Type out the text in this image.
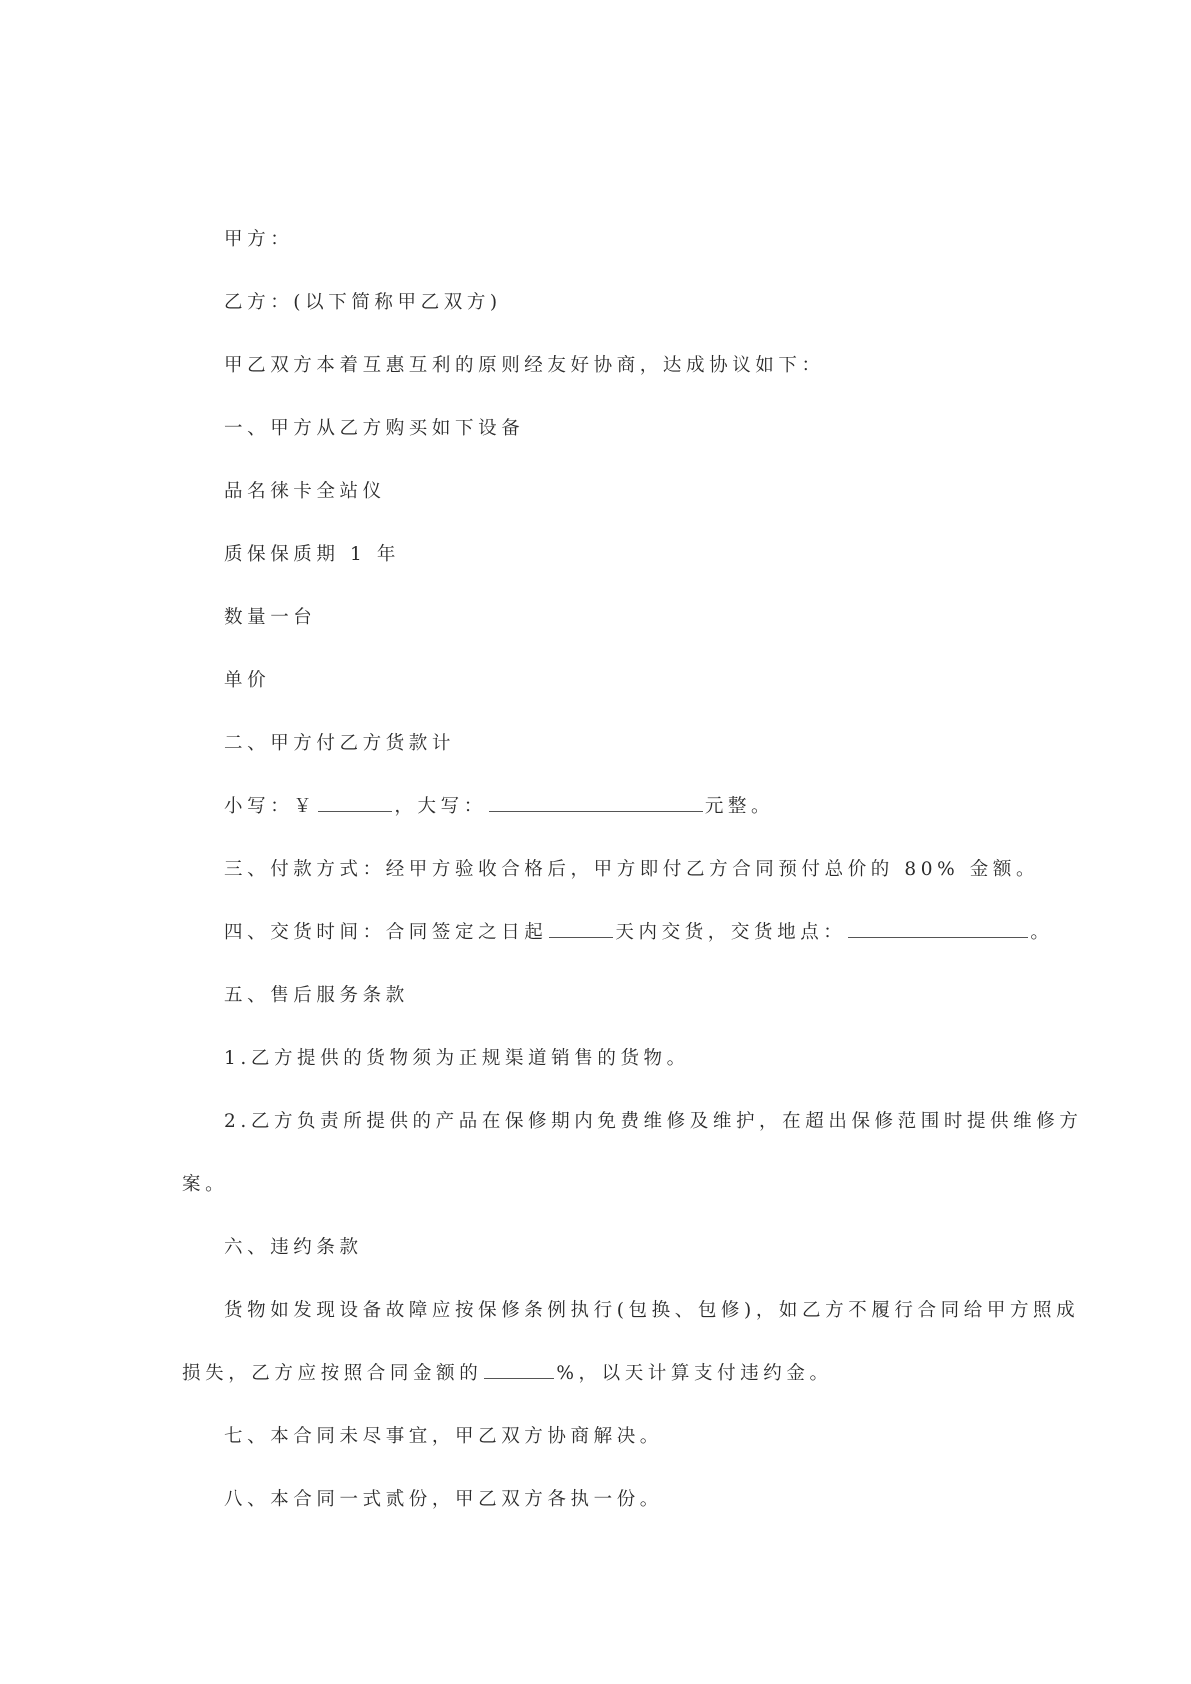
甲方：
乙方：(以下简称甲乙双方)
甲乙双方本着互惠互利的原则经友好协商，达成协议如下：
一、甲方从乙方购买如下设备
品名徕卡全站仪
质保保质期 1 年
数量一台
单价
二、甲方付乙方货款计
小写：￥	，大写：	元整。
三、付款方式：经甲方验收合格后，甲方即付乙方合同预付总价的 80% 金额。
四、交货时间：合同签定之日起	天内交货，交货地点：	。
五、售后服务条款
1.乙方提供的货物须为正规渠道销售的货物。
2.乙方负责所提供的产品在保修期内免费维修及维护，在超出保修范围时提供维修方
案。
六、违约条款
货物如发现设备故障应按保修条例执行(包换、包修)，如乙方不履行合同给甲方照成
损失，乙方应按照合同金额的	%，以天计算支付违约金。
七、本合同未尽事宜，甲乙双方协商解决。
八、本合同一式贰份，甲乙双方各执一份。
